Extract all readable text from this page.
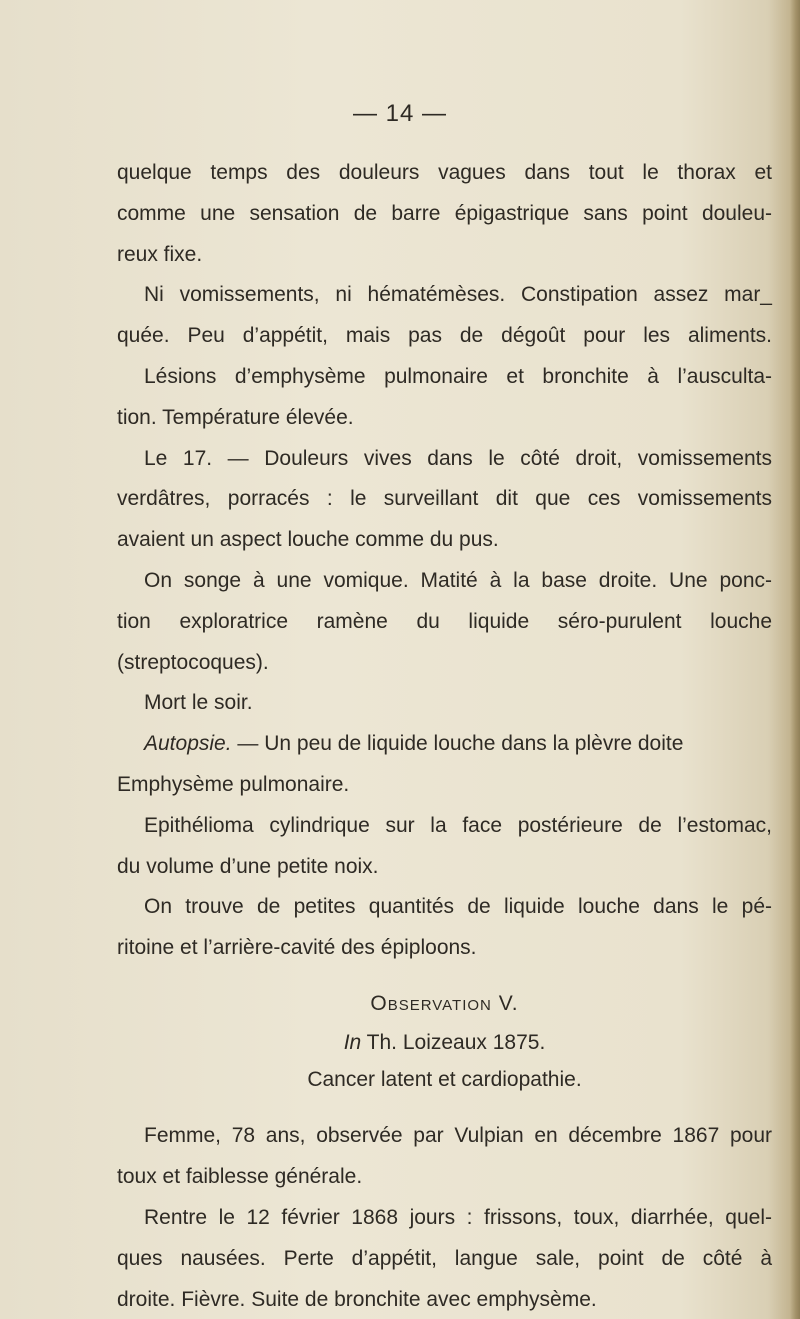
— 14 —
quelque temps des douleurs vagues dans tout le thorax et
comme une sensation de barre épigastrique sans point douleu-
reux fixe.
Ni vomissements, ni hématémèses. Constipation assez mar_
quée. Peu d’appétit, mais pas de dégoût pour les aliments.
Lésions d’emphysème pulmonaire et bronchite à l’ausculta-
tion. Température élevée.
Le 17. — Douleurs vives dans le côté droit, vomissements
verdâtres, porracés : le surveillant dit que ces vomissements
avaient un aspect louche comme du pus.
On songe à une vomique. Matité à la base droite. Une ponc-
tion exploratrice ramène du liquide séro-purulent louche
(streptocoques).
Mort le soir.
Autopsie. — Un peu de liquide louche dans la plèvre doite
Emphysème pulmonaire.
Epithélioma cylindrique sur la face postérieure de l’estomac,
du volume d’une petite noix.
On trouve de petites quantités de liquide louche dans le pé-
ritoine et l’arrière-cavité des épiploons.
Observation V.
In Th. Loizeaux 1875.
Cancer latent et cardiopathie.
Femme, 78 ans, observée par Vulpian en décembre 1867 pour
toux et faiblesse générale.
Rentre le 12 février 1868 jours : frissons, toux, diarrhée, quel-
ques nausées. Perte d’appétit, langue sale, point de côté à
droite. Fièvre. Suite de bronchite avec emphysème.
